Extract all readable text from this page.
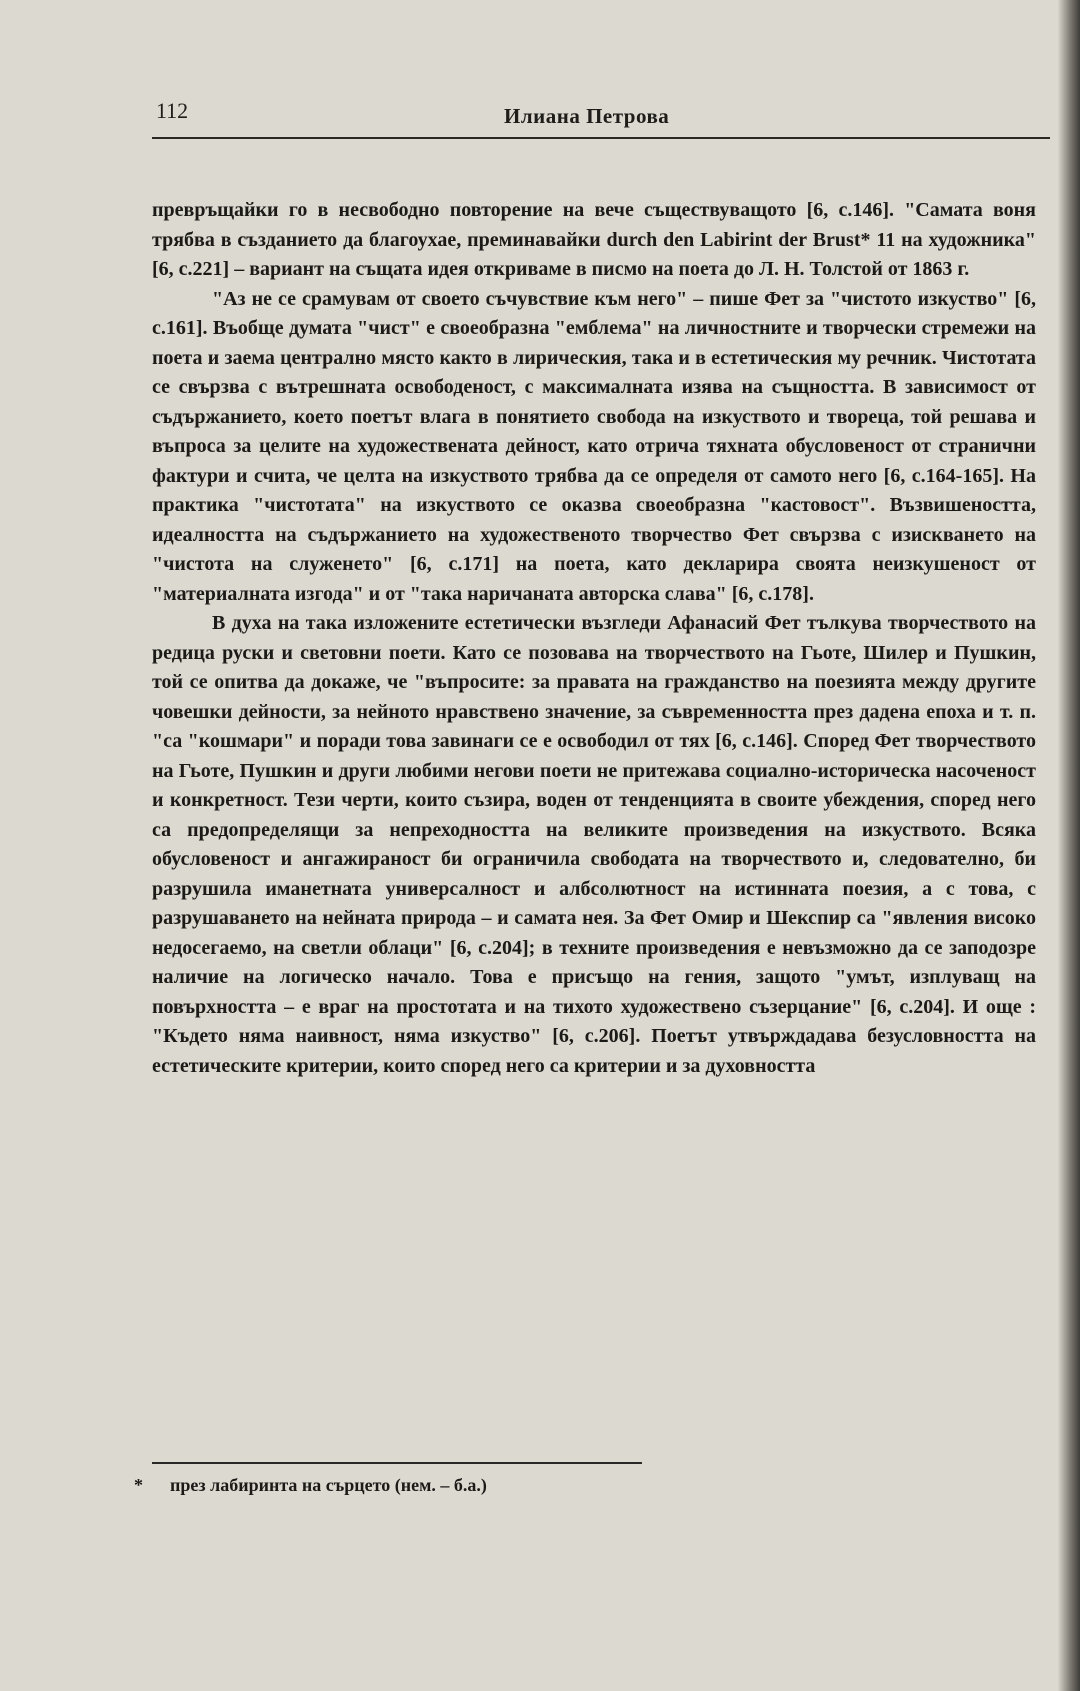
112	Илиана Петрова

превръщайки го в несвободно повторение на вече съществуващото [6, с.146]. "Самата воня трябва в създанието да благоухае, преминавайки durch den Labirint der Brust* 11 на художника" [6, с.221] – вариант на същата идея откриваме в писмо на поета до Л. Н. Толстой от 1863 г.

"Аз не се срамувам от своето съчувствие към него" – пише Фет за "чистото изкуство" [6, с.161]. Въобще думата "чист" е своеобразна "емблема" на личностните и творчески стремежи на поета и заема централно място както в лирическия, така и в естетическия му речник. Чистотата се свързва с вътрешната освободеност, с максималната изява на същността. В зависимост от съдържанието, което поетът влага в понятието свобода на изкуството и твореца, той решава и въпроса за целите на художествената дейност, като отрича тяхната обусловеност от странични фактури и счита, че целта на изкуството трябва да се определя от самото него [6, с.164-165]. На практика "чистотата" на изкуството се оказва своеобразна "кастовост". Възвишеността, идеалността на съдържанието на художественото творчество Фет свързва с изискването на "чистота на служенето" [6, с.171] на поета, като декларира своята неизкушеност от "материалната изгода" и от "така наричаната авторска слава" [6, с.178].

В духа на така изложените естетически възгледи Афанасий Фет тълкува творчеството на редица руски и световни поети. Като се позовава на творчеството на Гьоте, Шилер и Пушкин, той се опитва да докаже, че "въпросите: за правата на гражданство на поезията между другите човешки дейности, за нейното нравствено значение, за съвременността през дадена епоха и т. п. "са "кошмари" и поради това завинаги се е освободил от тях [6, с.146]. Според Фет творчеството на Гьоте, Пушкин и други любими негови поети не притежава социално-историческа насоченост и конкретност. Тези черти, които съзира, воден от тенденцията в своите убеждения, според него са предопределящи за непреходността на великите произведения на изкуството. Всяка обусловеност и ангажираност би ограничила свободата на творчеството и, следователно, би разрушила иманетната универсалност и албсолютност на истинната поезия, а с това, с разрушаването на нейната природа – и самата нея. За Фет Омир и Шекспир са "явления високо недосегаемо, на светли облаци" [6, с.204]; в техните произведения е невъзможно да се заподозре наличие на логическо начало. Това е присъщо на гения, защото "умът, изплуващ на повърхността – е враг на простотата и на тихото художествено съзерцание" [6, с.204]. И още : "Където няма наивност, няма изкуство" [6, с.206]. Поетът утвърждадава безусловността на естетическите критерии, които според него са критерии и за духовността

* през лабиринта на сърцето (нем. – б.а.)
